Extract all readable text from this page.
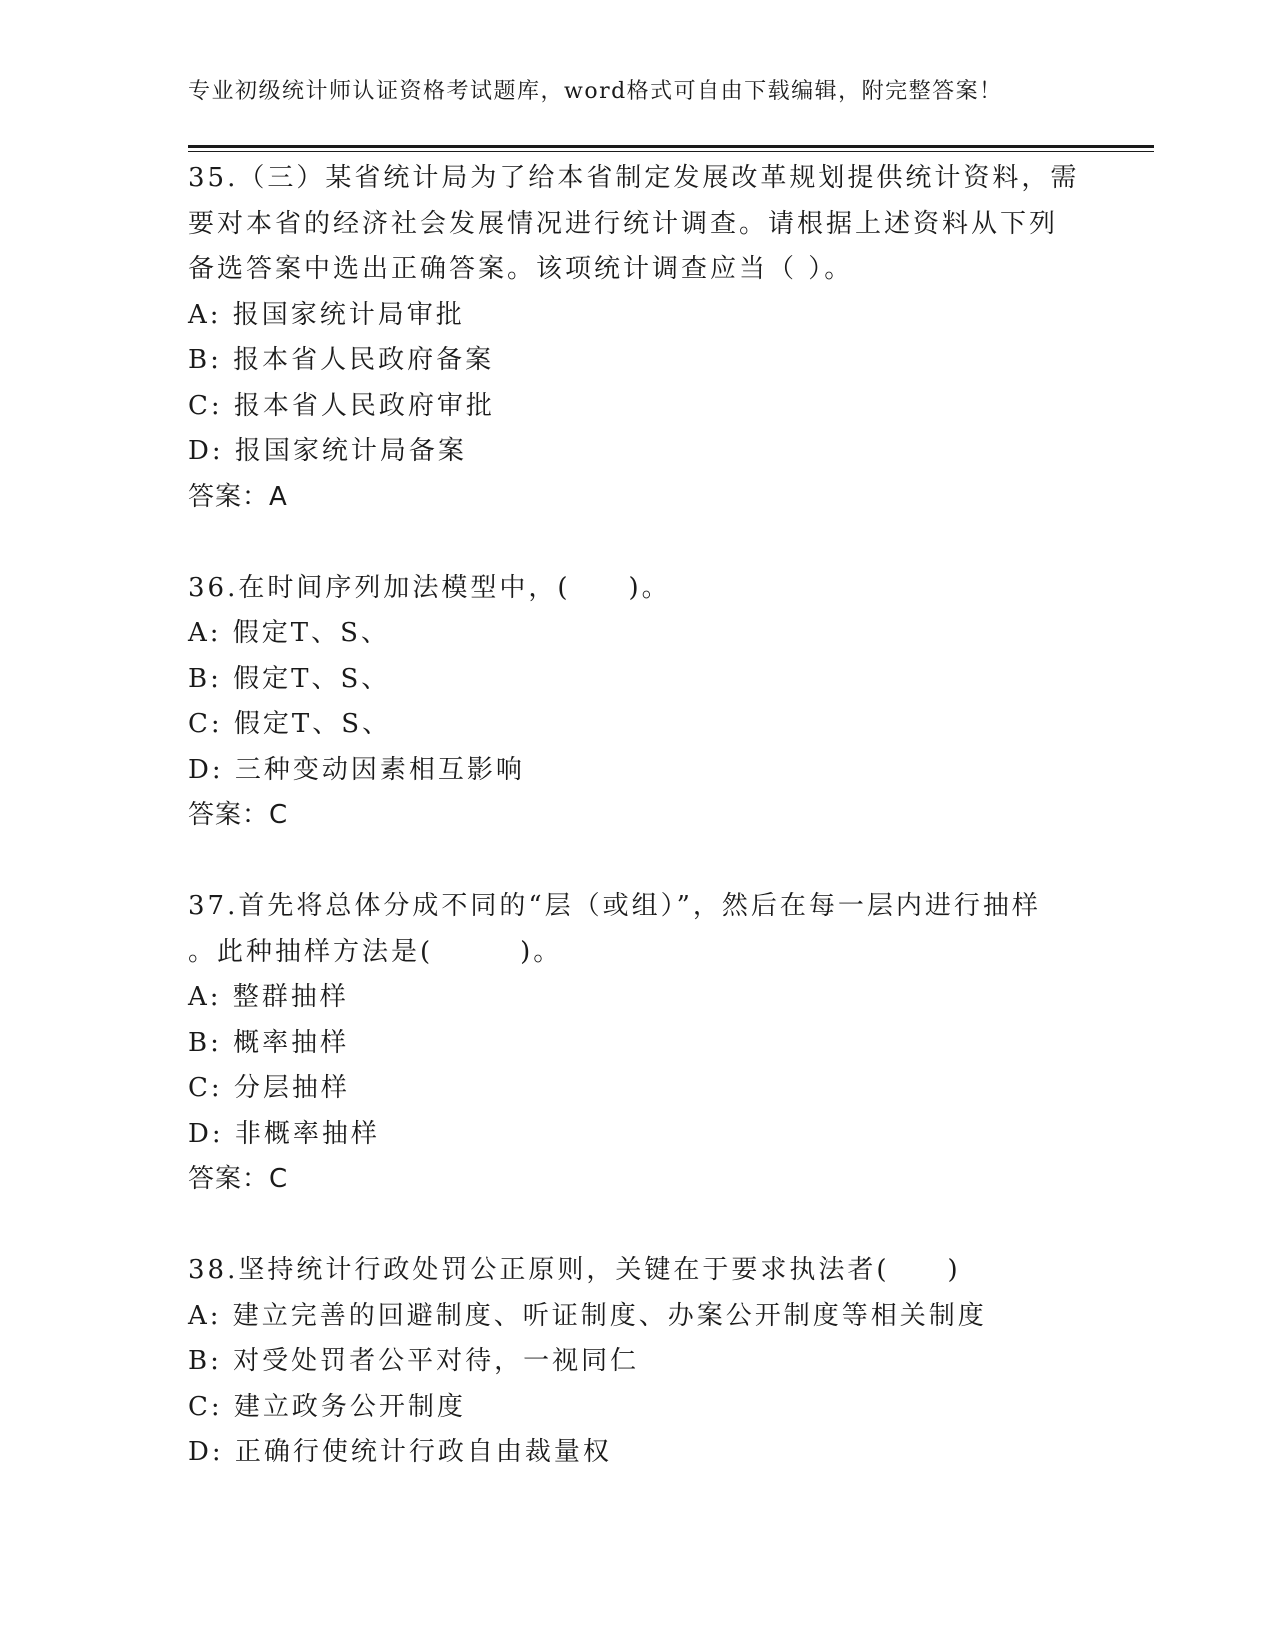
专业初级统计师认证资格考试题库，word格式可自由下载编辑，附完整答案！
35.（三）某省统计局为了给本省制定发展改革规划提供统计资料，需
要对本省的经济社会发展情况进行统计调查。请根据上述资料从下列
备选答案中选出正确答案。该项统计调查应当（ ）。
A: 报国家统计局审批
B: 报本省人民政府备案
C: 报本省人民政府审批
D: 报国家统计局备案
答案：A
36.在时间序列加法模型中，(　　)。
A: 假定T、S、
B: 假定T、S、
C: 假定T、S、
D: 三种变动因素相互影响
答案：C
37.首先将总体分成不同的“层（或组）”，然后在每一层内进行抽样
。此种抽样方法是(　　　)。
A: 整群抽样
B: 概率抽样
C: 分层抽样
D: 非概率抽样
答案：C
38.坚持统计行政处罚公正原则，关键在于要求执法者(　　)
A: 建立完善的回避制度、听证制度、办案公开制度等相关制度
B: 对受处罚者公平对待，一视同仁
C: 建立政务公开制度
D: 正确行使统计行政自由裁量权
